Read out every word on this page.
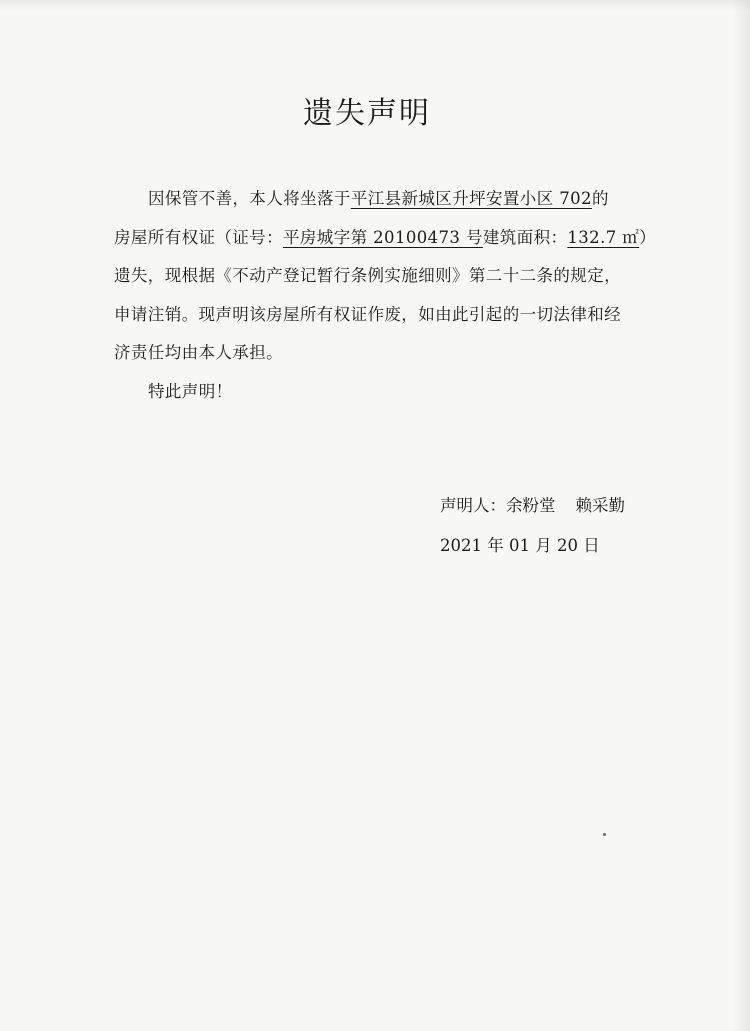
遗失声明
因保管不善，本人将坐落于平江县新城区升坪安置小区 702的
房屋所有权证（证号：平房城字第 20100473 号建筑面积：132.7 ㎡）
遗失，现根据《不动产登记暂行条例实施细则》第二十二条的规定，
申请注销。现声明该房屋所有权证作废，如由此引起的一切法律和经
济责任均由本人承担。
特此声明！
声明人：余粉堂 赖采勤
2021 年 01 月 20 日
